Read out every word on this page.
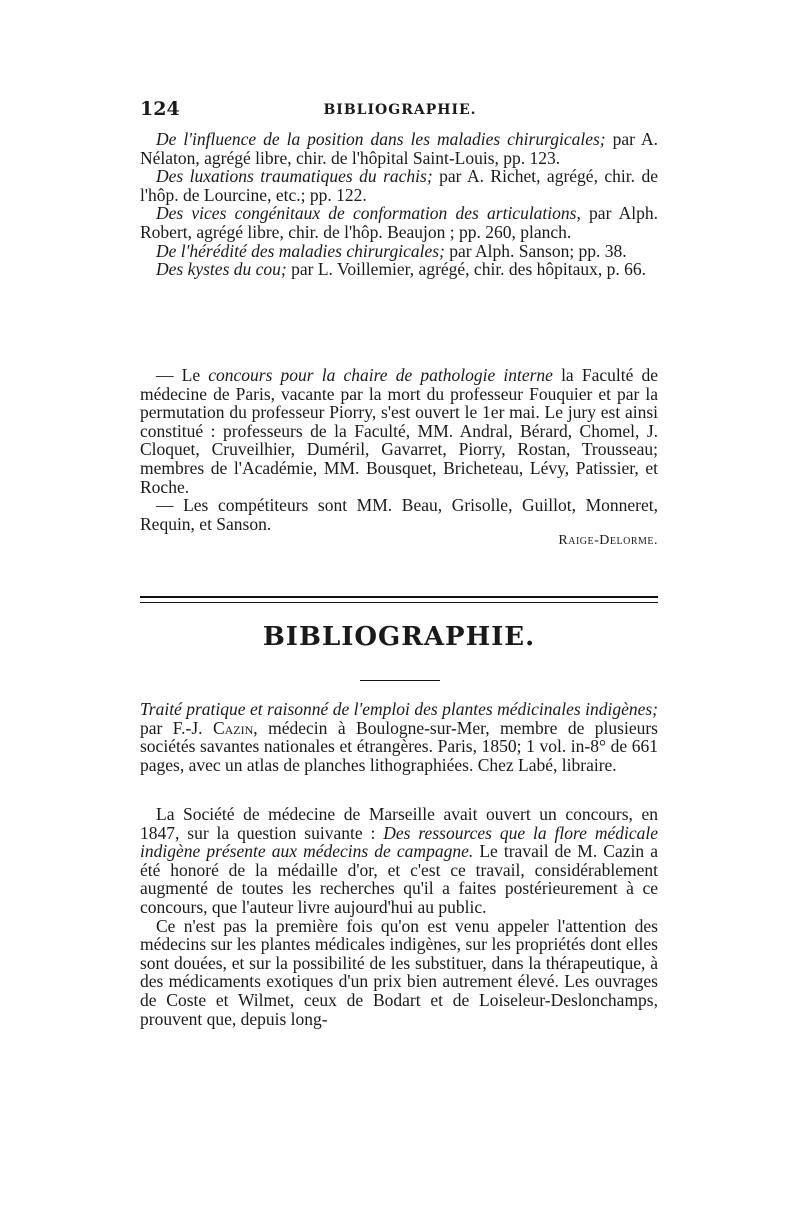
124	BIBLIOGRAPHIE.

De l'influence de la position dans les maladies chirurgicales; par A. Nélaton, agrégé libre, chir. de l'hôpital Saint-Louis, pp. 123.

Des luxations traumatiques du rachis; par A. Richet, agrégé, chir. de l'hôp. de Lourcine, etc.; pp. 122.

Des vices congénitaux de conformation des articulations, par Alph. Robert, agrégé libre, chir. de l'hôp. Beaujon ; pp. 260, planch.

De l'hérédité des maladies chirurgicales; par Alph. Sanson; pp. 38.

Des kystes du cou; par L. Voillemier, agrégé, chir. des hôpitaux, p. 66.

— Le concours pour la chaire de pathologie interne la Faculté de médecine de Paris, vacante par la mort du professeur Fouquier et par la permutation du professeur Piorry, s'est ouvert le 1er mai. Le jury est ainsi constitué : professeurs de la Faculté, MM. Andral, Bérard, Chomel, J. Cloquet, Cruveilhier, Duméril, Gavarret, Piorry, Rostan, Trousseau; membres de l'Académie, MM. Bousquet, Bricheteau, Lévy, Patissier, et Roche.

— Les compétiteurs sont MM. Beau, Grisolle, Guillot, Monneret, Requin, et Sanson.

Raige-Delorme.
BIBLIOGRAPHIE.

Traité pratique et raisonné de l'emploi des plantes médicinales indigènes; par F.-J. Cazin, médecin à Boulogne-sur-Mer, membre de plusieurs sociétés savantes nationales et étrangères. Paris, 1850; 1 vol. in-8° de 661 pages, avec un atlas de planches lithographiées. Chez Labé, libraire.

La Société de médecine de Marseille avait ouvert un concours, en 1847, sur la question suivante : Des ressources que la flore médicale indigène présente aux médecins de campagne. Le travail de M. Cazin a été honoré de la médaille d'or, et c'est ce travail, considérablement augmenté de toutes les recherches qu'il a faites postérieurement à ce concours, que l'auteur livre aujourd'hui au public.

Ce n'est pas la première fois qu'on est venu appeler l'attention des médecins sur les plantes médicales indigènes, sur les propriétés dont elles sont douées, et sur la possibilité de les substituer, dans la thérapeutique, à des médicaments exotiques d'un prix bien autrement élevé. Les ouvrages de Coste et Wilmet, ceux de Bodart et de Loiseleur-Deslonchamps, prouvent que, depuis long-
